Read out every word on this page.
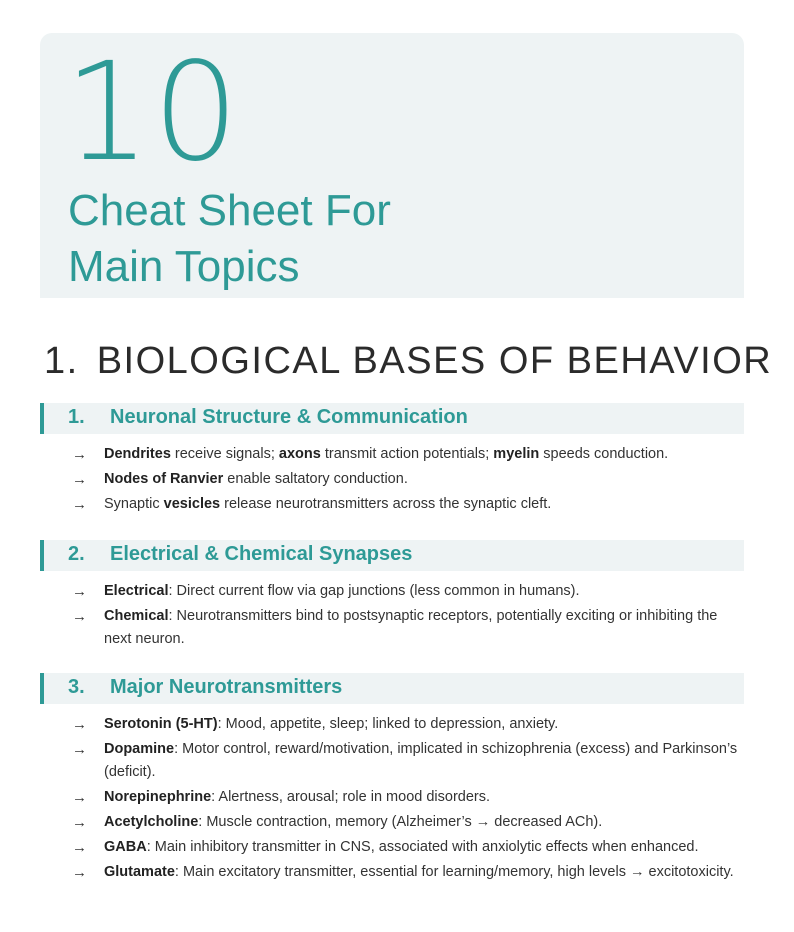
10
Cheat Sheet For
Main Topics
1. BIOLOGICAL BASES OF BEHAVIOR
1. Neuronal Structure & Communication
→ Dendrites receive signals; axons transmit action potentials; myelin speeds conduction.
→ Nodes of Ranvier enable saltatory conduction.
→ Synaptic vesicles release neurotransmitters across the synaptic cleft.
2. Electrical & Chemical Synapses
→ Electrical: Direct current flow via gap junctions (less common in humans).
→ Chemical: Neurotransmitters bind to postsynaptic receptors, potentially exciting or inhibiting the next neuron.
3. Major Neurotransmitters
→ Serotonin (5-HT): Mood, appetite, sleep; linked to depression, anxiety.
→ Dopamine: Motor control, reward/motivation, implicated in schizophrenia (excess) and Parkinson’s (deficit).
→ Norepinephrine: Alertness, arousal; role in mood disorders.
→ Acetylcholine: Muscle contraction, memory (Alzheimer’s → decreased ACh).
→ GABA: Main inhibitory transmitter in CNS, associated with anxiolytic effects when enhanced.
→ Glutamate: Main excitatory transmitter, essential for learning/memory, high levels → excitotoxicity.
